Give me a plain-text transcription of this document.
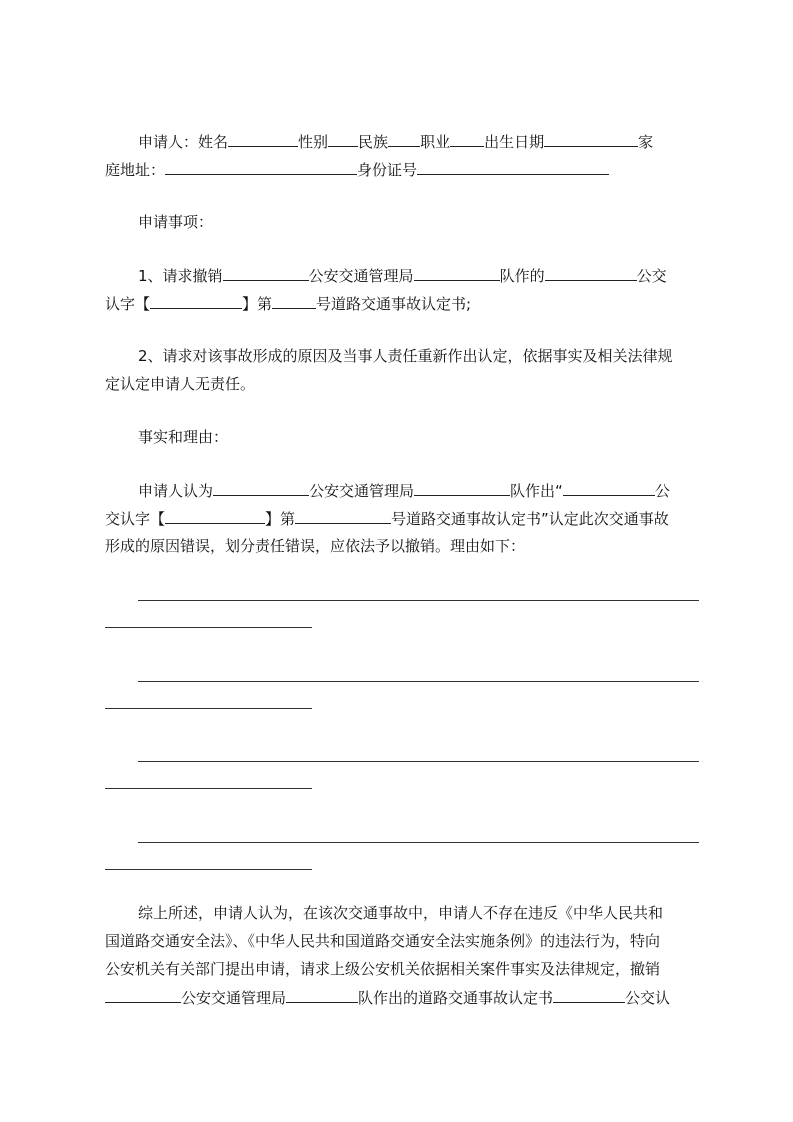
申请人：姓名	性别 民族 职业 出生日期	家
庭地址：	身份证号
申请事项：
1、请求撤销	公安交通管理局	队作的	公交
认字【	】第	号道路交通事故认定书;
2、请求对该事故形成的原因及当事人责任重新作出认定，依据事实及相关法律规
定认定申请人无责任。
事实和理由：
申请人认为	公安交通管理局	队作出“	公
交认字【	】第	号道路交通事故认定书”认定此次交通事故
形成的原因错误，划分责任错误，应依法予以撤销。理由如下：
综上所述，申请人认为，在该次交通事故中，申请人不存在违反《中华人民共和
国道路交通安全法》、《中华人民共和国道路交通安全法实施条例》的违法行为，特向
公安机关有关部门提出申请，请求上级公安机关依据相关案件事实及法律规定，撤销
公安交通管理局	队作出的道路交通事故认定书	公交认
